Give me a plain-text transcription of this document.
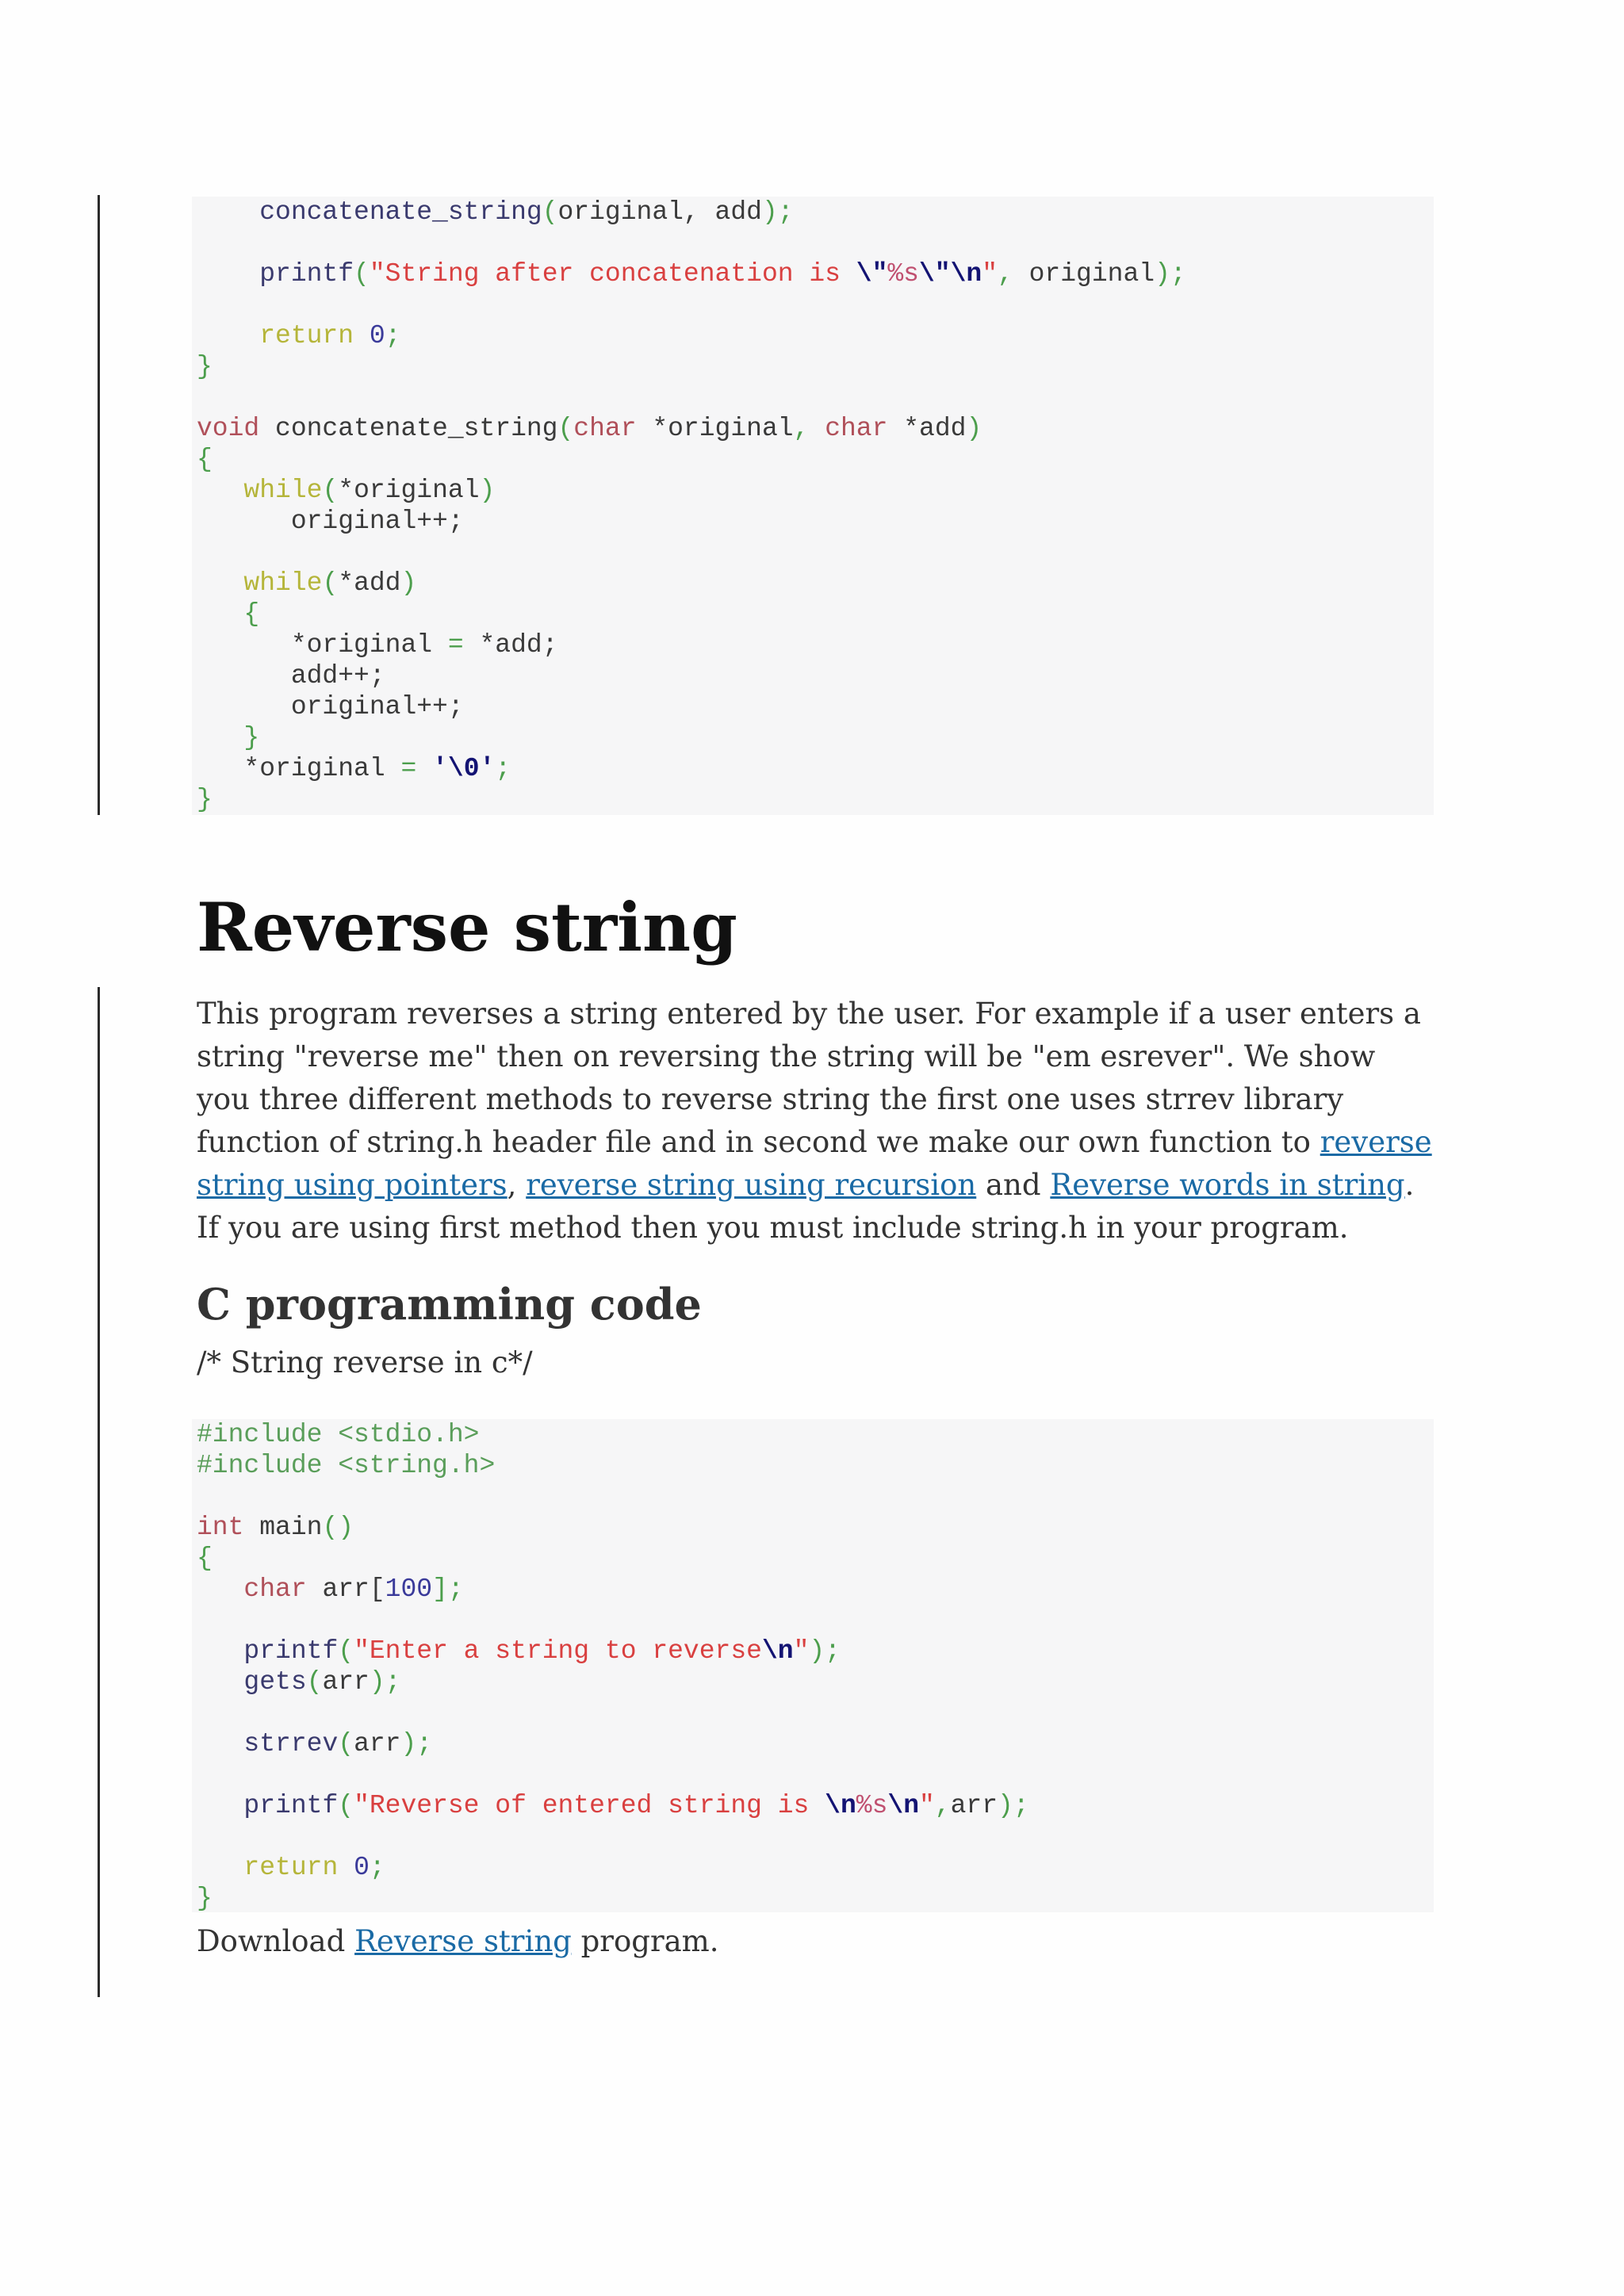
concatenate_string(original, add);

printf("String after concatenation is \"%s\"\n", original);

return 0;
}

void concatenate_string(char *original, char *add)
{
while(*original)
original++;

while(*add)
{
*original = *add;
add++;
original++;
}
*original = '\0';
}
Reverse string

This program reverses a string entered by the user. For example if a user enters a string "reverse me" then on reversing the string will be "em esrever". We show you three different methods to reverse string the first one uses strrev library function of string.h header file and in second we make our own function to reverse string using pointers, reverse string using recursion and Reverse words in string. If you are using first method then you must include string.h in your program.

C programming code

/* String reverse in c*/

#include <stdio.h>
#include <string.h>

int main()
{
char arr[100];

printf("Enter a string to reverse\n");
gets(arr);

strrev(arr);

printf("Reverse of entered string is \n%s\n",arr);

return 0;
}

Download Reverse string program.
